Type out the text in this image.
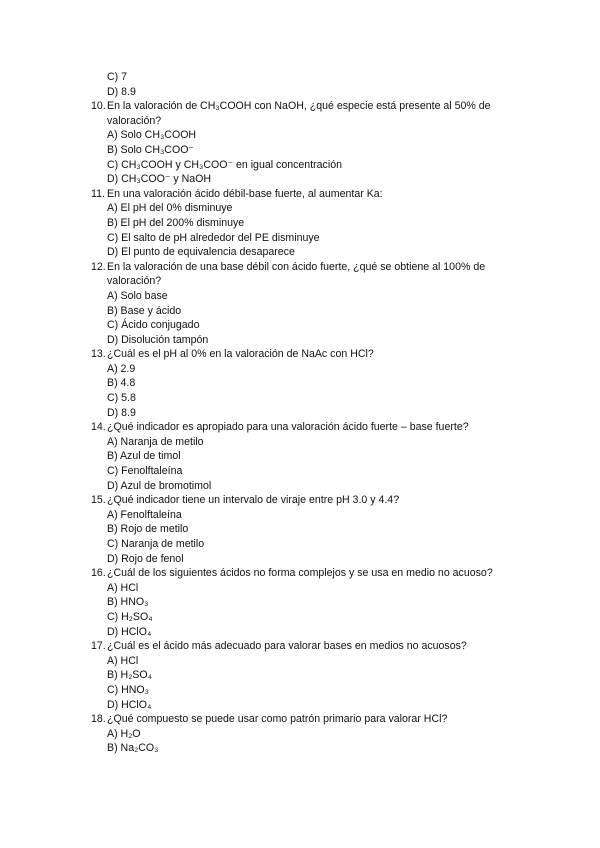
C) 7
D) 8.9
10. En la valoración de CH₃COOH con NaOH, ¿qué especie está presente al 50% de
valoración?
A) Solo CH₃COOH
B) Solo CH₃COO⁻
C) CH₃COOH y CH₃COO⁻ en igual concentración
D) CH₃COO⁻ y NaOH
11. En una valoración ácido débil-base fuerte, al aumentar Ka:
A) El pH del 0% disminuye
B) El pH del 200% disminuye
C) El salto de pH alrededor del PE disminuye
D) El punto de equivalencia desaparece
12. En la valoración de una base débil con ácido fuerte, ¿qué se obtiene al 100% de
valoración?
A) Solo base
B) Base y ácido
C) Ácido conjugado
D) Disolución tampón
13. ¿Cuál es el pH al 0% en la valoración de NaAc con HCl?
A) 2.9
B) 4.8
C) 5.8
D) 8.9
14. ¿Qué indicador es apropiado para una valoración ácido fuerte – base fuerte?
A) Naranja de metilo
B) Azul de timol
C) Fenolftaleína
D) Azul de bromotimol
15. ¿Qué indicador tiene un intervalo de viraje entre pH 3.0 y 4.4?
A) Fenolftaleína
B) Rojo de metilo
C) Naranja de metilo
D) Rojo de fenol
16. ¿Cuál de los siguientes ácidos no forma complejos y se usa en medio no acuoso?
A) HCl
B) HNO₃
C) H₂SO₄
D) HClO₄
17. ¿Cuál es el ácido más adecuado para valorar bases en medios no acuosos?
A) HCl
B) H₂SO₄
C) HNO₃
D) HClO₄
18. ¿Qué compuesto se puede usar como patrón primario para valorar HCl?
A) H₂O
B) Na₂CO₃
